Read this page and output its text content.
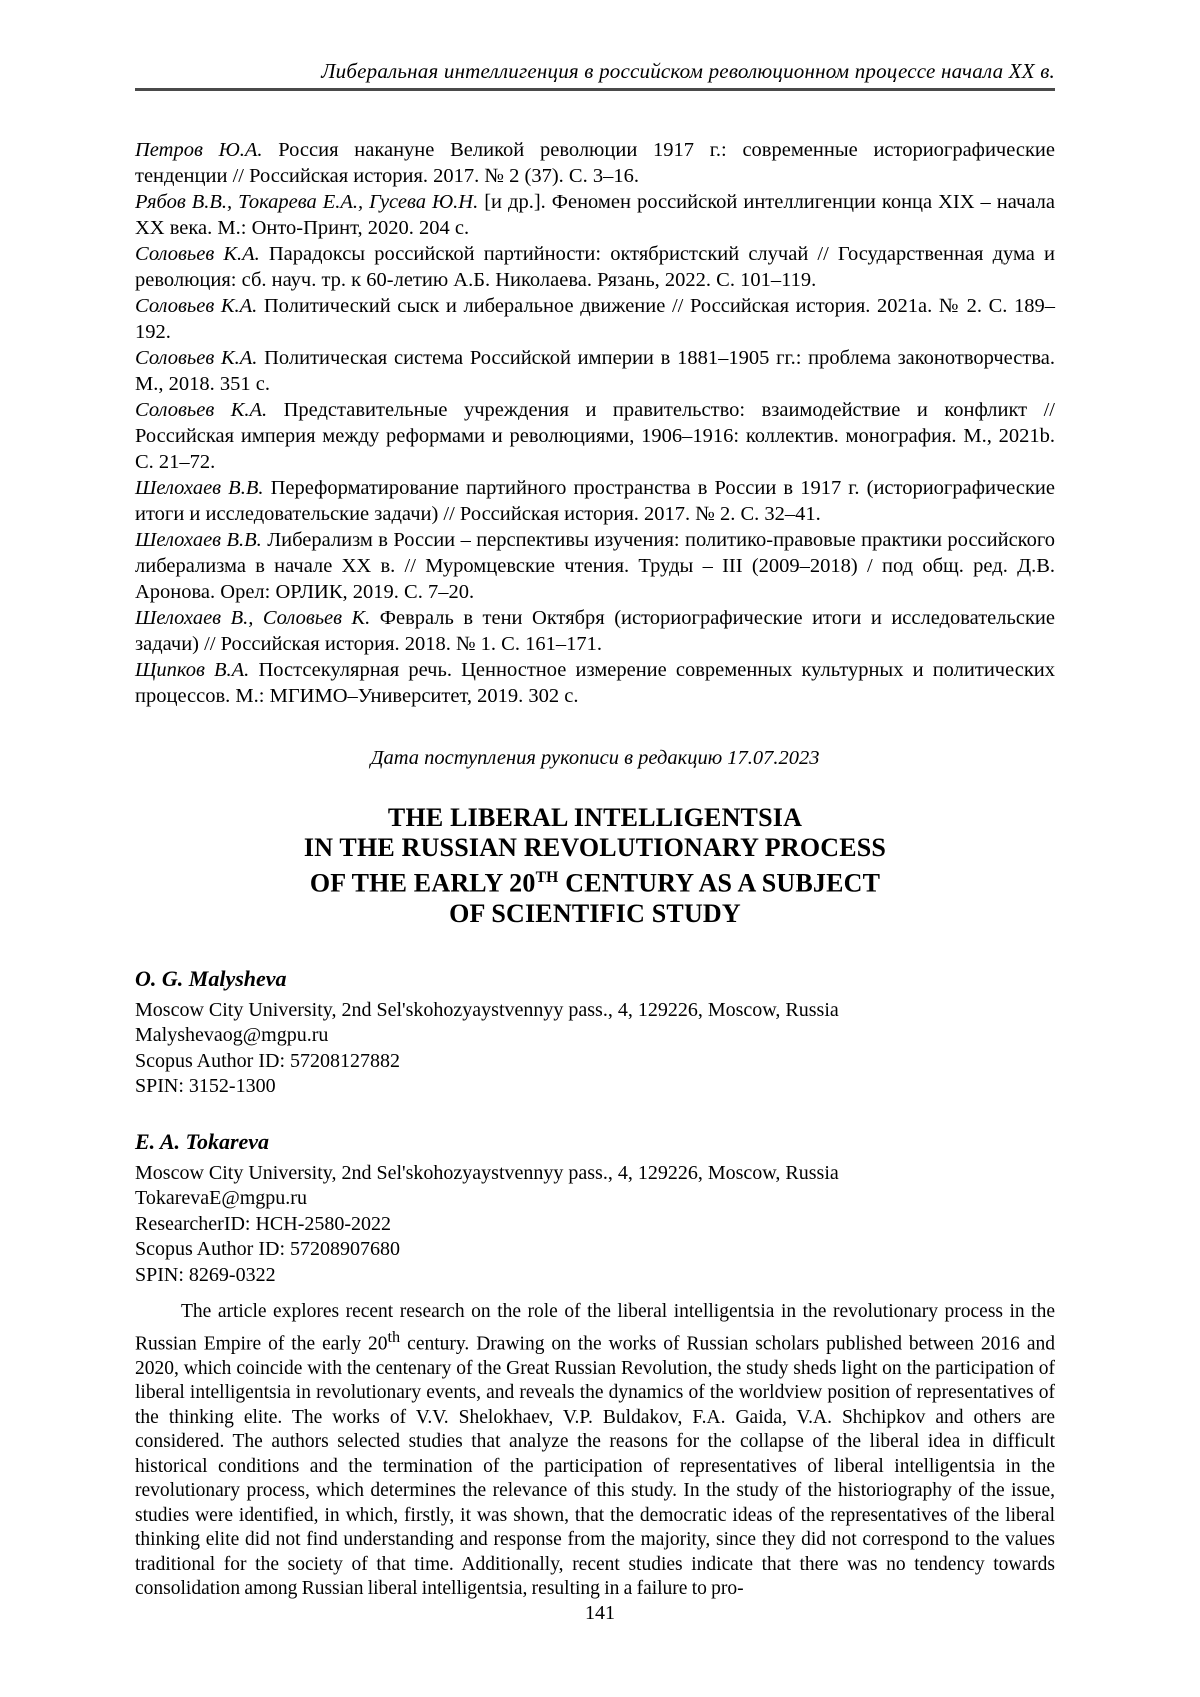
Либеральная интеллигенция в российском революционном процессе начала XX в.

Петров Ю.А. Россия накануне Великой революции 1917 г.: современные историографические тенденции // Российская история. 2017. № 2 (37). С. 3–16.

Рябов В.В., Токарева Е.А., Гусева Ю.Н. [и др.]. Феномен российской интеллигенции конца XIX – начала XX века. М.: Онто-Принт, 2020. 204 с.

Соловьев К.А. Парадоксы российской партийности: октябристский случай // Государственная дума и революция: сб. науч. тр. к 60-летию А.Б. Николаева. Рязань, 2022. С. 101–119.

Соловьев К.А. Политический сыск и либеральное движение // Российская история. 2021a. № 2. С. 189–192.

Соловьев К.А. Политическая система Российской империи в 1881–1905 гг.: проблема законотворчества. М., 2018. 351 с.

Соловьев К.А. Представительные учреждения и правительство: взаимодействие и конфликт // Российская империя между реформами и революциями, 1906–1916: коллектив. монография. М., 2021b. С. 21–72.

Шелохаев В.В. Переформатирование партийного пространства в России в 1917 г. (историографические итоги и исследовательские задачи) // Российская история. 2017. № 2. С. 32–41.

Шелохаев В.В. Либерализм в России – перспективы изучения: политико-правовые практики российского либерализма в начале XX в. // Муромцевские чтения. Труды – III (2009–2018) / под общ. ред. Д.В. Аронова. Орел: ОРЛИК, 2019. С. 7–20.

Шелохаев В., Соловьев К. Февраль в тени Октября (историографические итоги и исследовательские задачи) // Российская история. 2018. № 1. С. 161–171.

Щипков В.А. Постсекулярная речь. Ценностное измерение современных культурных и политических процессов. М.: МГИМО–Университет, 2019. 302 с.

Дата поступления рукописи в редакцию 17.07.2023
THE LIBERAL INTELLIGENTSIA
IN THE RUSSIAN REVOLUTIONARY PROCESS
OF THE EARLY 20TH CENTURY AS A SUBJECT
OF SCIENTIFIC STUDY
O. G. Malysheva
Moscow City University, 2nd Sel'skohozyaystvennyy pass., 4, 129226, Moscow, Russia
Malyshevaog@mgpu.ru
Scopus Author ID: 57208127882
SPIN: 3152-1300
E. A. Tokareva
Moscow City University, 2nd Sel'skohozyaystvennyy pass., 4, 129226, Moscow, Russia
TokarevaE@mgpu.ru
ResearcherID: HCH-2580-2022
Scopus Author ID: 57208907680
SPIN: 8269-0322
The article explores recent research on the role of the liberal intelligentsia in the revolutionary process in the Russian Empire of the early 20th century. Drawing on the works of Russian scholars published between 2016 and 2020, which coincide with the centenary of the Great Russian Revolution, the study sheds light on the participation of liberal intelligentsia in revolutionary events, and reveals the dynamics of the worldview position of representatives of the thinking elite. The works of V.V. Shelokhaev, V.P. Buldakov, F.A. Gaida, V.A. Shchipkov and others are considered. The authors selected studies that analyze the reasons for the collapse of the liberal idea in difficult historical conditions and the termination of the participation of representatives of liberal intelligentsia in the revolutionary process, which determines the relevance of this study. In the study of the historiography of the issue, studies were identified, in which, firstly, it was shown, that the democratic ideas of the representatives of the liberal thinking elite did not find understanding and response from the majority, since they did not correspond to the values traditional for the society of that time. Additionally, recent studies indicate that there was no tendency towards consolidation among Russian liberal intelligentsia, resulting in a failure to pro-
141
